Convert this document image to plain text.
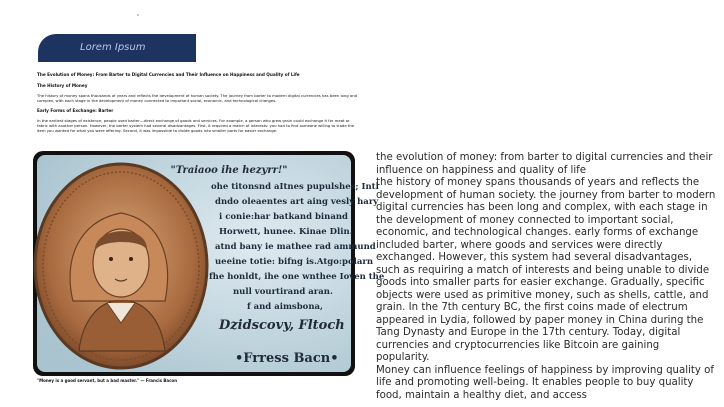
Lorem Ipsum
The Evolution of Money: From Barter to Digital Currencies and Their Influence on Happiness and Quality of Life
The History of Money
The history of money spans thousands of years and reflects the development of human society. The journey from barter to modern digital currencies has been long and complex, with each stage in the development of money connected to important social, economic, and technological changes.
Early Forms of Exchange: Barter
In the earliest stages of existence, people used barter—direct exchange of goods and services. For example, a person who grew grain could exchange it for meat or fabric with another person. However, the barter system had several disadvantages. First, it required a match of interests: you had to find someone willing to trade the item you wanted for what you were offering. Second, it was impossible to divide goods into smaller parts for easier exchange.
"Traiaoo ihe hezyrr!"
ohe titonsnd aItnes pupulshes; Intl
dndo oleaentes art aing vesly hary
i conie:har batkand binand
Horwett, hunee. Kinae Dlin.
atnd bany ie mathee rad ammund
ueeine totie: bifng is.Atgo:polarn
fhe honldt, ihe one wnthee Ioven the
null vourtirand aran.
f and aimsbona,
Dzidscovy, Fltoch
•Frress Bacn•
"Money is a good servant, but a bad master." — Francis Bacon

the evolution of money: from barter to digital currencies and their influence on happiness and quality of life

the history of money spans thousands of years and reflects the development of human society. the journey from barter to modern digital currencies has been long and complex, with each stage in the development of money connected to important social, economic, and technological changes. early forms of exchange included barter, where goods and services were directly exchanged. However, this system had several disadvantages, such as requiring a match of interests and being unable to divide goods into smaller parts for easier exchange. Gradually, specific objects were used as primitive money, such as shells, cattle, and grain. In the 7th century BC, the first coins made of electrum appeared in Lydia, followed by paper money in China during the Tang Dynasty and Europe in the 17th century. Today, digital currencies and cryptocurrencies like Bitcoin are gaining popularity.

Money can influence feelings of happiness by improving quality of life and promoting well-being. It enables people to buy quality food, maintain a healthy diet, and access
